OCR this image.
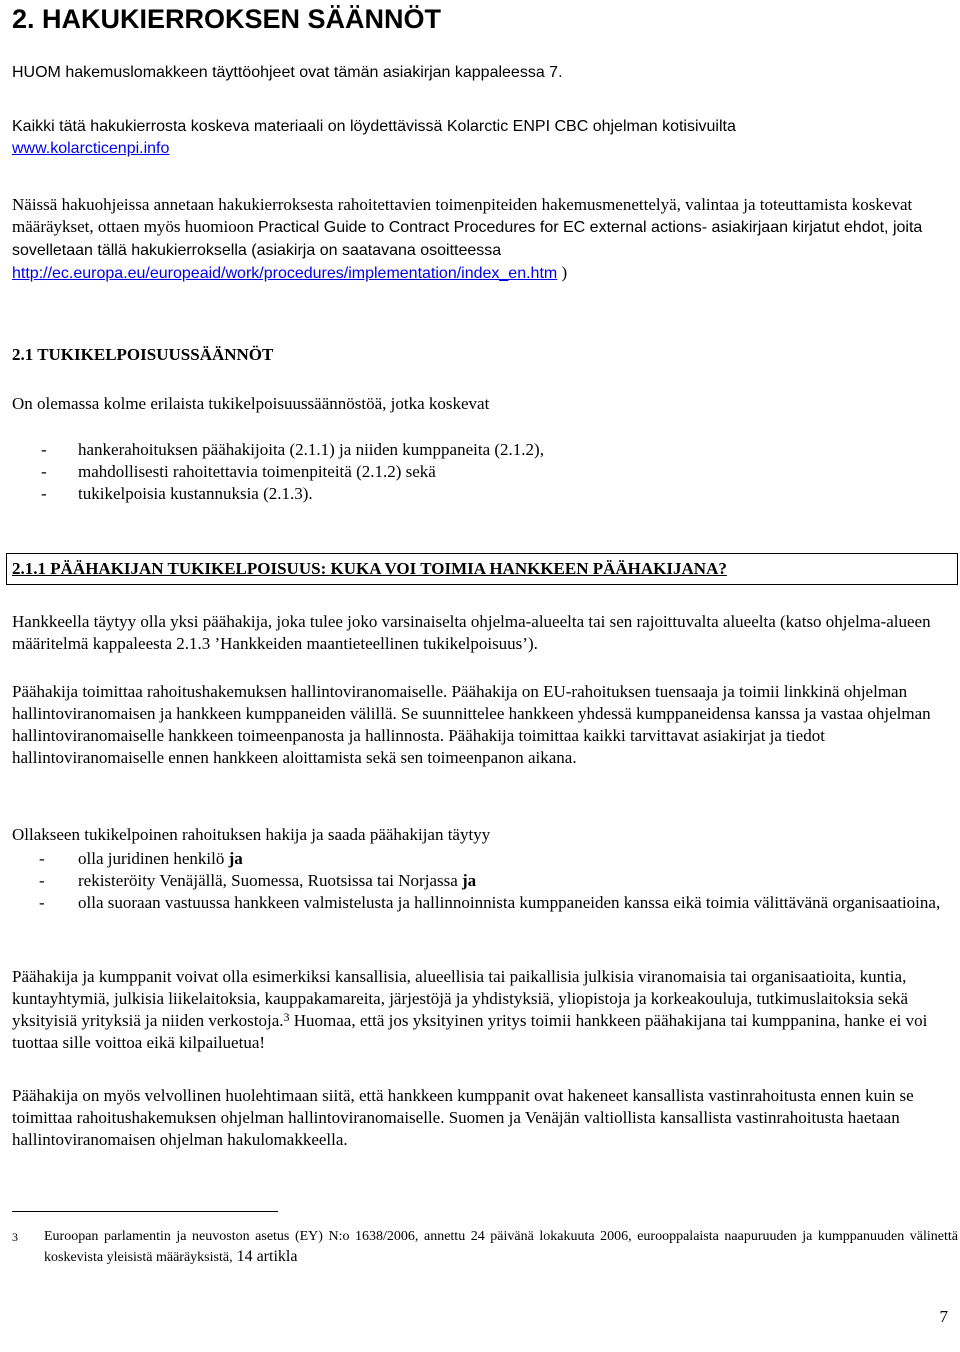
2. HAKUKIERROKSEN SÄÄNNÖT

HUOM hakemuslomakkeen täyttöohjeet ovat tämän asiakirjan kappaleessa 7.

Kaikki tätä hakukierrosta koskeva materiaali on löydettävissä Kolarctic ENPI CBC ohjelman kotisivuilta
www.kolarcticenpi.info

Näissä hakuohjeissa annetaan hakukierroksesta rahoitettavien toimenpiteiden hakemusmenettelyä, valintaa ja toteuttamista koskevat määräykset, ottaen myös huomioon Practical Guide to Contract Procedures for EC external actions- asiakirjaan kirjatut ehdot, joita sovelletaan tällä hakukierroksella (asiakirja on saatavana osoitteessa
http://ec.europa.eu/europeaid/work/procedures/implementation/index_en.htm )

2.1 TUKIKELPOISUUSSÄÄNNÖT

On olemassa kolme erilaista tukikelpoisuussäännöstöä, jotka koskevat

- hankerahoituksen päähakijoita (2.1.1) ja niiden kumppaneita (2.1.2),
- mahdollisesti rahoitettavia toimenpiteitä (2.1.2) sekä
- tukikelpoisia kustannuksia (2.1.3).
2.1.1 PÄÄHAKIJAN TUKIKELPOISUUS: KUKA VOI TOIMIA HANKKEEN PÄÄHAKIJANA?

Hankkeella täytyy olla yksi päähakija, joka tulee joko varsinaiselta ohjelma-alueelta tai sen rajoittuvalta alueelta (katso ohjelma-alueen määritelmä kappaleesta 2.1.3 ’Hankkeiden maantieteellinen tukikelpoisuus’).

Päähakija toimittaa rahoitushakemuksen hallintoviranomaiselle. Päähakija on EU-rahoituksen tuensaaja ja toimii linkkinä ohjelman hallintoviranomaisen ja hankkeen kumppaneiden välillä. Se suunnittelee hankkeen yhdessä kumppaneidensa kanssa ja vastaa ohjelman hallintoviranomaiselle hankkeen toimeenpanosta ja hallinnosta. Päähakija toimittaa kaikki tarvittavat asiakirjat ja tiedot hallintoviranomaiselle ennen hankkeen aloittamista sekä sen toimeenpanon aikana.

Ollakseen tukikelpoinen rahoituksen hakija ja saada päähakijan täytyy

- olla juridinen henkilö ja
- rekisteröity Venäjällä, Suomessa, Ruotsissa tai Norjassa ja
- olla suoraan vastuussa hankkeen valmistelusta ja hallinnoinnista kumppaneiden kanssa eikä toimia välittävänä organisaatioina,

Päähakija ja kumppanit voivat olla esimerkiksi kansallisia, alueellisia tai paikallisia julkisia viranomaisia tai organisaatioita, kuntia, kuntayhtymiä, julkisia liikelaitoksia, kauppakamareita, järjestöjä ja yhdistyksiä, yliopistoja ja korkeakouluja, tutkimuslaitoksia sekä yksityisiä yrityksiä ja niiden verkostoja.$^3$ Huomaa, että jos yksityinen yritys toimii hankkeen päähakijana tai kumppanina, hanke ei voi tuottaa sille voittoa eikä kilpailuetua!

Päähakija on myös velvollinen huolehtimaan siitä, että hankkeen kumppanit ovat hakeneet kansallista vastinrahoitusta ennen kuin se toimittaa rahoitushakemuksen ohjelman hallintoviranomaiselle. Suomen ja Venäjän valtiollista kansallista vastinrahoitusta haetaan hallintoviranomaisen ohjelman hakulomakkeella.

$^3$ Euroopan parlamentin ja neuvoston asetus (EY) N:o 1638/2006, annettu 24 päivänä lokakuuta 2006, eurooppalaista naapuruuden ja kumppanuuden välinettä koskevista yleisistä määräyksistä, 14 artikla
7
